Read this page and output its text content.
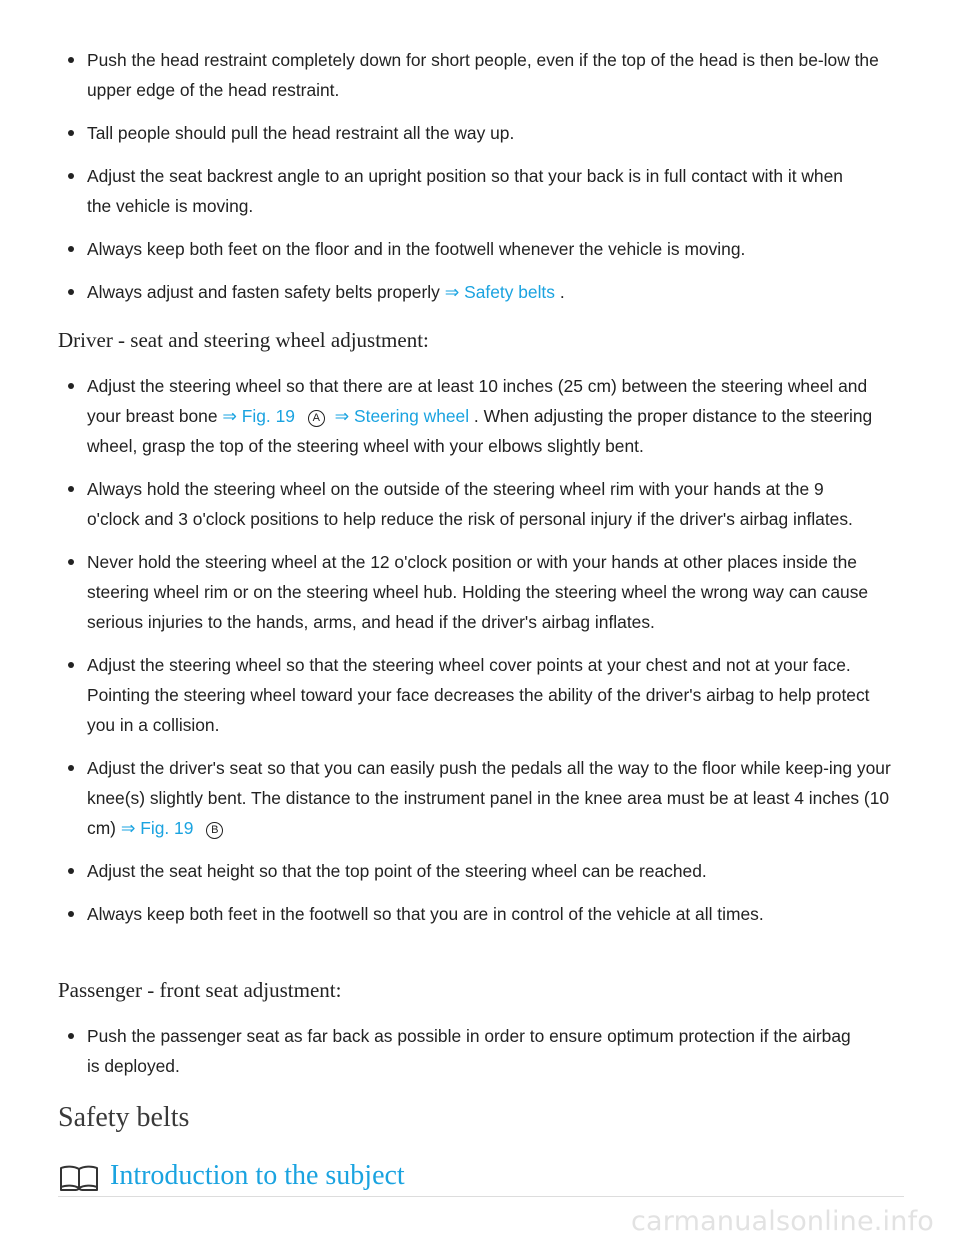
Push the head restraint completely down for short people, even if the top of the head is then be-low the upper edge of the head restraint.
Tall people should pull the head restraint all the way up.
Adjust the seat backrest angle to an upright position so that your back is in full contact with it when the vehicle is moving.
Always keep both feet on the floor and in the footwell whenever the vehicle is moving.
Always adjust and fasten safety belts properly ⇒ Safety belts .
Driver - seat and steering wheel adjustment:
Adjust the steering wheel so that there are at least 10 inches (25 cm) between the steering wheel and your breast bone ⇒ Fig. 19 A ⇒ Steering wheel . When adjusting the proper distance to the steering wheel, grasp the top of the steering wheel with your elbows slightly bent.
Always hold the steering wheel on the outside of the steering wheel rim with your hands at the 9 o'clock and 3 o'clock positions to help reduce the risk of personal injury if the driver's airbag inflates.
Never hold the steering wheel at the 12 o'clock position or with your hands at other places inside the steering wheel rim or on the steering wheel hub. Holding the steering wheel the wrong way can cause serious injuries to the hands, arms, and head if the driver's airbag inflates.
Adjust the steering wheel so that the steering wheel cover points at your chest and not at your face. Pointing the steering wheel toward your face decreases the ability of the driver's airbag to help protect you in a collision.
Adjust the driver's seat so that you can easily push the pedals all the way to the floor while keep-ing your knee(s) slightly bent. The distance to the instrument panel in the knee area must be at least 4 inches (10 cm) ⇒ Fig. 19 B
Adjust the seat height so that the top point of the steering wheel can be reached.
Always keep both feet in the footwell so that you are in control of the vehicle at all times.
Passenger - front seat adjustment:
Push the passenger seat as far back as possible in order to ensure optimum protection if the airbag is deployed.
Safety belts
Introduction to the subject
carmanualsonline.info
